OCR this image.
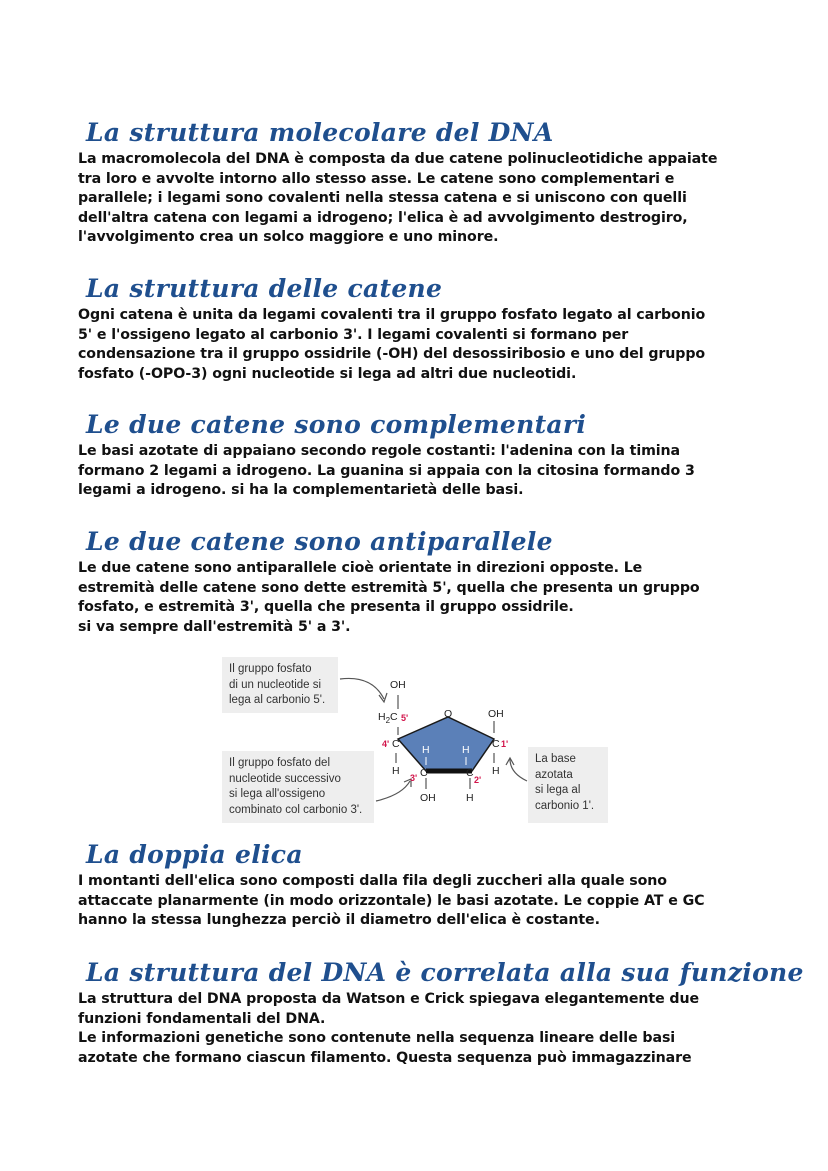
La struttura molecolare del DNA

La macromolecola del DNA è composta da due catene polinucleotidiche appaiate
tra loro e avvolte intorno allo stesso asse. Le catene sono complementari e
parallele; i legami sono covalenti nella stessa catena e si uniscono con quelli
dell'altra catena con legami a idrogeno; l'elica è ad avvolgimento destrogiro,
l'avvolgimento crea un solco maggiore e uno minore.

La struttura delle catene

Ogni catena è unita da legami covalenti tra il gruppo fosfato legato al carbonio
5' e l'ossigeno legato al carbonio 3'. I legami covalenti si formano per
condensazione tra il gruppo ossidrile (-OH) del desossiribosio e uno del gruppo
fosfato (-OPO-3) ogni nucleotide si lega ad altri due nucleotidi.

Le due catene sono complementari

Le basi azotate di appaiano secondo regole costanti: l'adenina con la timina
formano 2 legami a idrogeno. La guanina si appaia con la citosina formando 3
legami a idrogeno. si ha la complementarietà delle basi.

Le due catene sono antiparallele

Le due catene sono antiparallele cioè orientate in direzioni opposte. Le
estremità delle catene sono dette estremità 5', quella che presenta un gruppo
fosfato, e estremità 3', quella che presenta il gruppo ossidrile.
si va sempre dall'estremità 5' a 3'.

Il gruppo fosfato
di un nucleotide si
lega al carbonio 5'.
Il gruppo fosfato del
nucleotide successivo
si lega all'ossigeno
combinato col carbonio 3'.
La base
azotata
si lega al
carbonio 1'.
OH
$H_2C$ 5'
4' C
H
O	OH
C 1'
H
H	H
3' C	C
2'
OH	H
La doppia elica

I montanti dell'elica sono composti dalla fila degli zuccheri alla quale sono
attaccate planarmente (in modo orizzontale) le basi azotate. Le coppie AT e GC
hanno la stessa lunghezza perciò il diametro dell'elica è costante.

La struttura del DNA è correlata alla sua funzione

La struttura del DNA proposta da Watson e Crick spiegava elegantemente due
funzioni fondamentali del DNA.
Le informazioni genetiche sono contenute nella sequenza lineare delle basi
azotate che formano ciascun filamento. Questa sequenza può immagazzinare
